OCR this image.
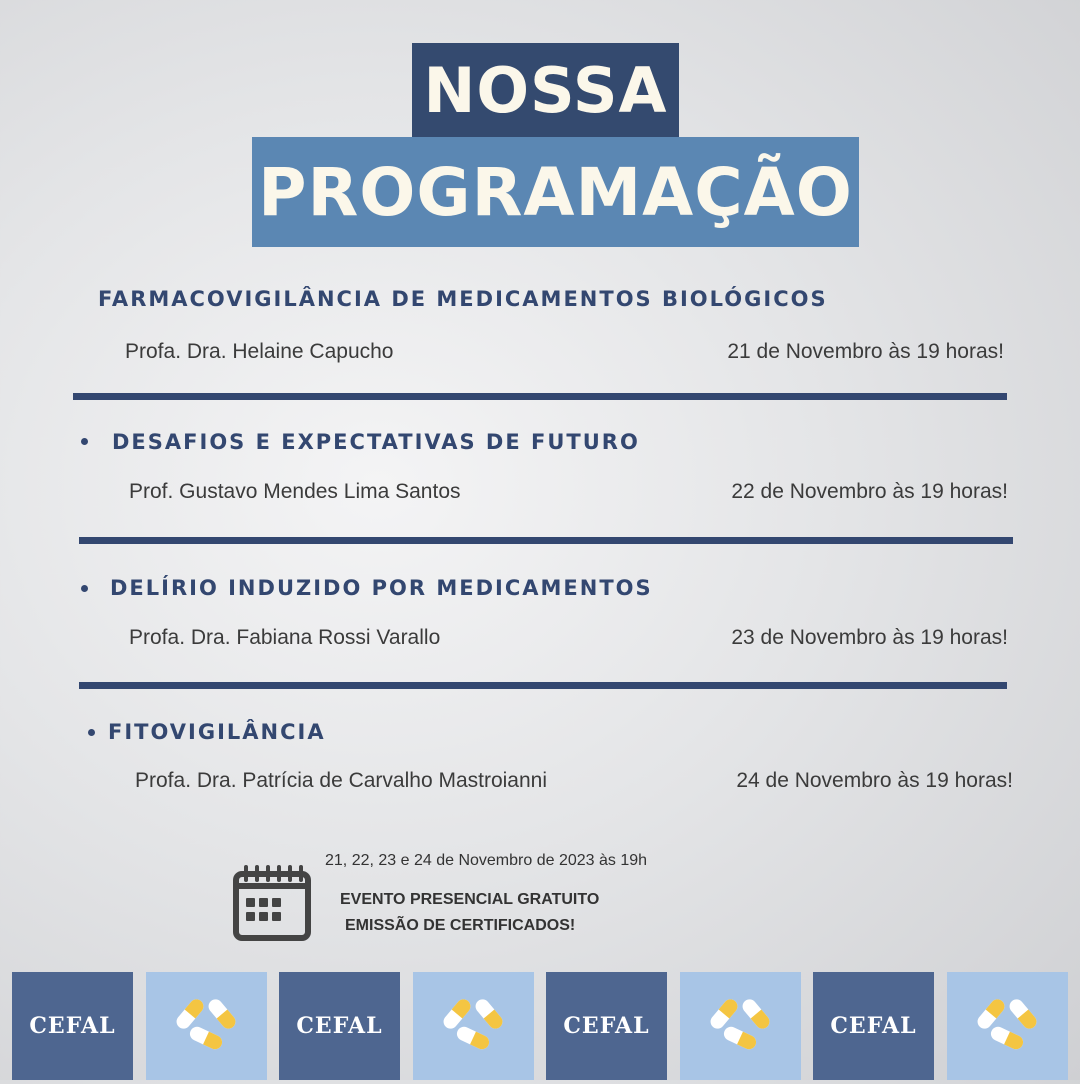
NOSSA
PROGRAMAÇÃO
FARMACOVIGILÂNCIA DE MEDICAMENTOS BIOLÓGICOS
Profa. Dra. Helaine Capucho	21 de Novembro às 19 horas!
DESAFIOS E EXPECTATIVAS DE FUTURO
Prof. Gustavo Mendes Lima Santos	22 de Novembro às 19 horas!
DELÍRIO INDUZIDO POR MEDICAMENTOS
Profa. Dra. Fabiana Rossi Varallo	23 de Novembro às 19 horas!
FITOVIGILÂNCIA
Profa. Dra. Patrícia de Carvalho Mastroianni	24 de Novembro às 19 horas!
21, 22, 23 e 24 de Novembro de 2023 às 19h
EVENTO PRESENCIAL GRATUITO
EMISSÃO DE CERTIFICADOS!
CEFAL	CEFAL	CEFAL	CEFAL
